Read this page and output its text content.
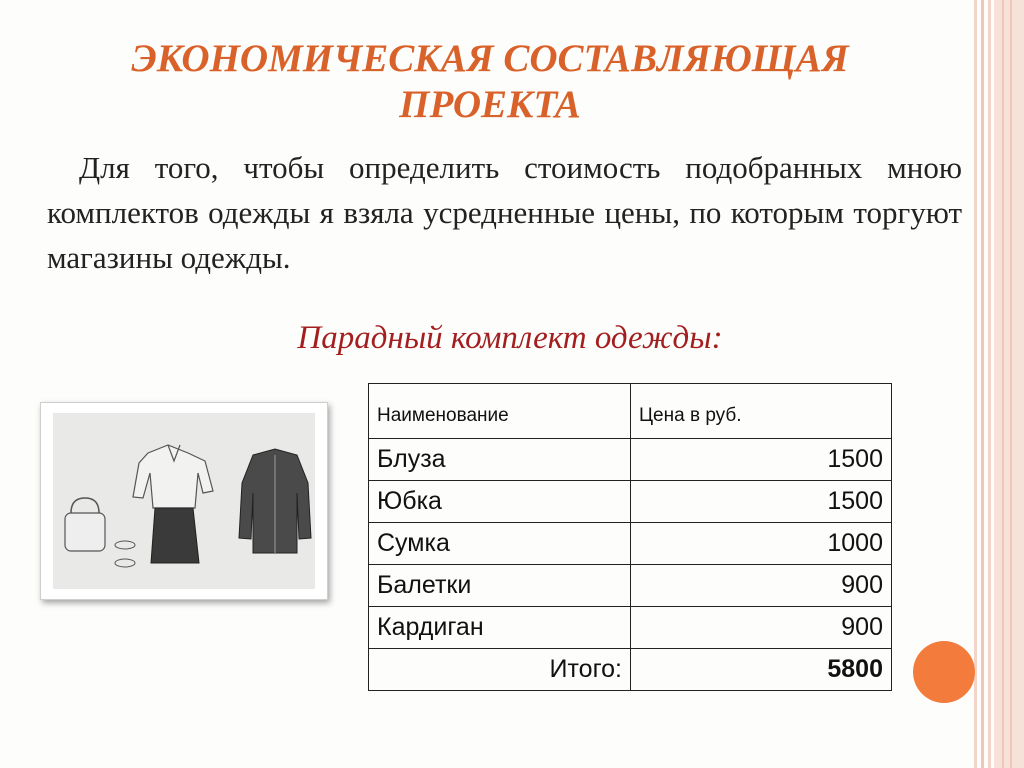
ЭКОНОМИЧЕСКАЯ СОСТАВЛЯЮЩАЯ ПРОЕКТА
Для того, чтобы определить стоимость подобранных мною комплектов одежды я взяла усредненные цены, по которым торгуют магазины одежды.
Парадный комплект одежды:
Наименование	Цена в руб.
Блуза	1500
Юбка	1500
Сумка	1000
Балетки	900
Кардиган	900
Итого:	5800
